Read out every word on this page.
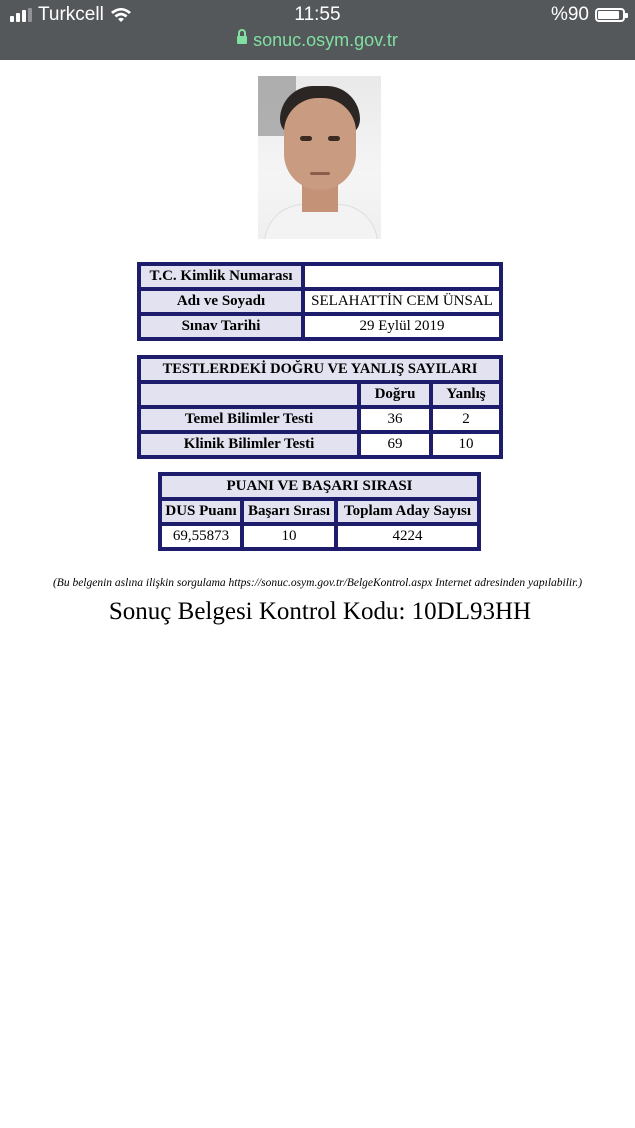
Turkcell	11:55	%90
sonuc.osym.gov.tr
T.C. Kimlik Numarası	
Adı ve Soyadı	SELAHATTİN CEM ÜNSAL
Sınav Tarihi	29 Eylül 2019
TESTLERDEKİ DOĞRU VE YANLIŞ SAYILARI		
	Doğru	Yanlış
Temel Bilimler Testi	36	2
Klinik Bilimler Testi	69	10
PUANI VE BAŞARI SIRASI		
DUS Puanı	Başarı Sırası	Toplam Aday Sayısı
69,55873	10	4224
(Bu belgenin aslına ilişkin sorgulama https://sonuc.osym.gov.tr/BelgeKontrol.aspx Internet adresinden yapılabilir.)
Sonuç Belgesi Kontrol Kodu: 10DL93HH
